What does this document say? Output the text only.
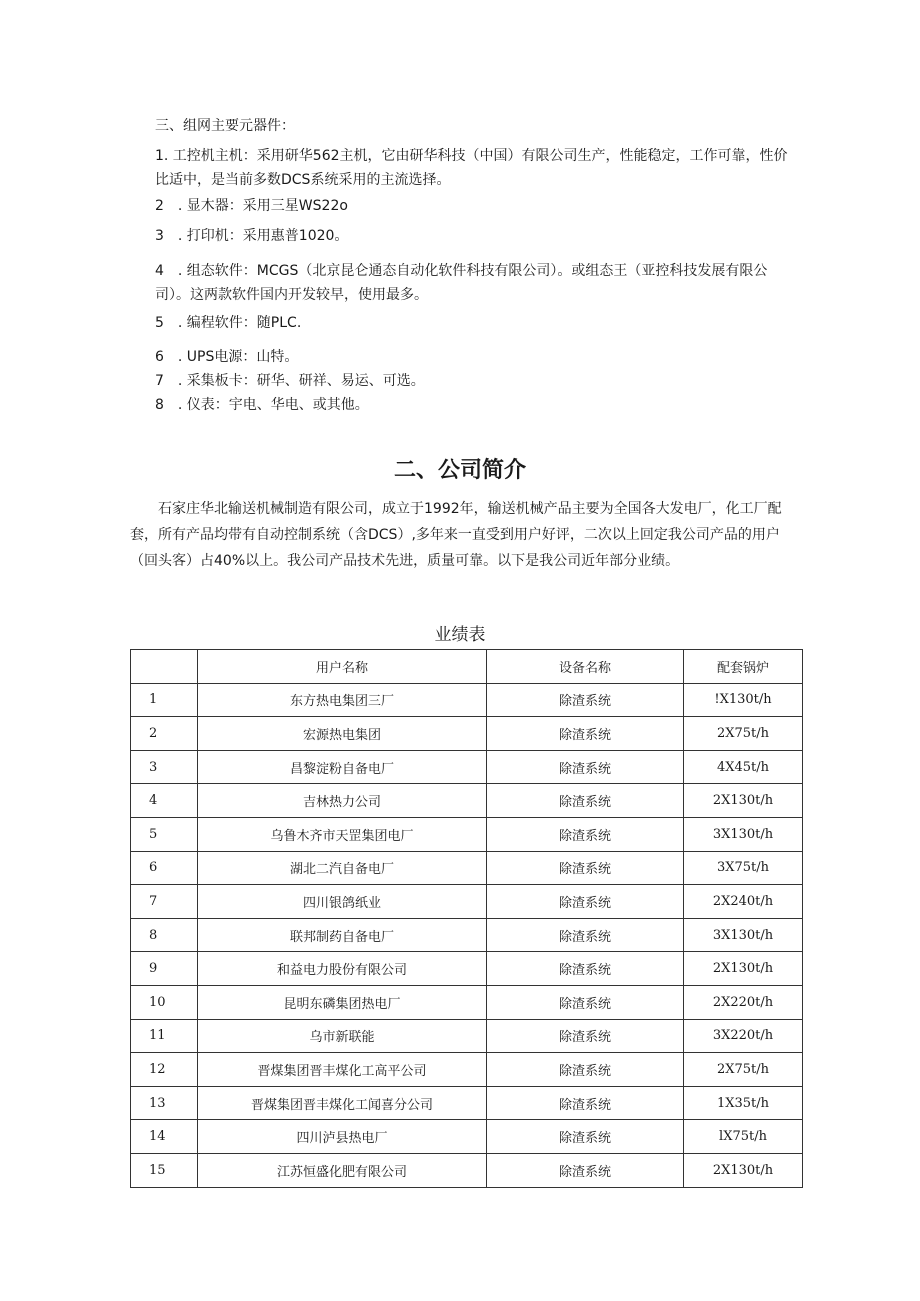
三、组网主要元器件：

1. 工控机主机：采用研华562主机，它由研华科技（中国）有限公司生产，性能稳定，工作可靠，性价比适中，是当前多数DCS系统采用的主流选择。

2　. 显木器：采用三星WS22o

3　. 打印机：采用惠普1020。

4　. 组态软件：MCGS（北京昆仑通态自动化软件科技有限公司）。或组态王（亚控科技发展有限公司）。这两款软件国内开发较早，使用最多。

5　. 编程软件：随PLC.

6　. UPS电源：山特。

7　. 采集板卡：研华、研祥、易运、可选。

8　. 仪表：宇电、华电、或其他。

二、公司简介

石家庄华北输送机械制造有限公司，成立于1992年，输送机械产品主要为全国各大发电厂，化工厂配套，所有产品均带有自动控制系统（含DCS）,多年来一直受到用户好评，二次以上回定我公司产品的用户（回头客）占40%以上。我公司产品技术先进，质量可靠。以下是我公司近年部分业绩。

业绩表
	用户名称	设备名称	配套锅炉
1	东方热电集团三厂	除渣系统	!X130t/h
2	宏源热电集团	除渣系统	2X75t/h
3	昌黎淀粉自备电厂	除渣系统	4X45t/h
4	吉林热力公司	除渣系统	2X130t/h
5	乌鲁木齐市天罡集团电厂	除渣系统	3X130t/h
6	湖北二汽自备电厂	除渣系统	3X75t/h
7	四川银鸽纸业	除渣系统	2X240t/h
8	联邦制药自备电厂	除渣系统	3X130t/h
9	和益电力股份有限公司	除渣系统	2X130t/h
10	昆明东磷集团热电厂	除渣系统	2X220t/h
11	乌市新联能	除渣系统	3X220t/h
12	晋煤集团晋丰煤化工高平公司	除渣系统	2X75t/h
13	晋煤集团晋丰煤化工闻喜分公司	除渣系统	1X35t/h
14	四川泸县热电厂	除渣系统	lX75t/h
15	江苏恒盛化肥有限公司	除渣系统	2X130t/h
